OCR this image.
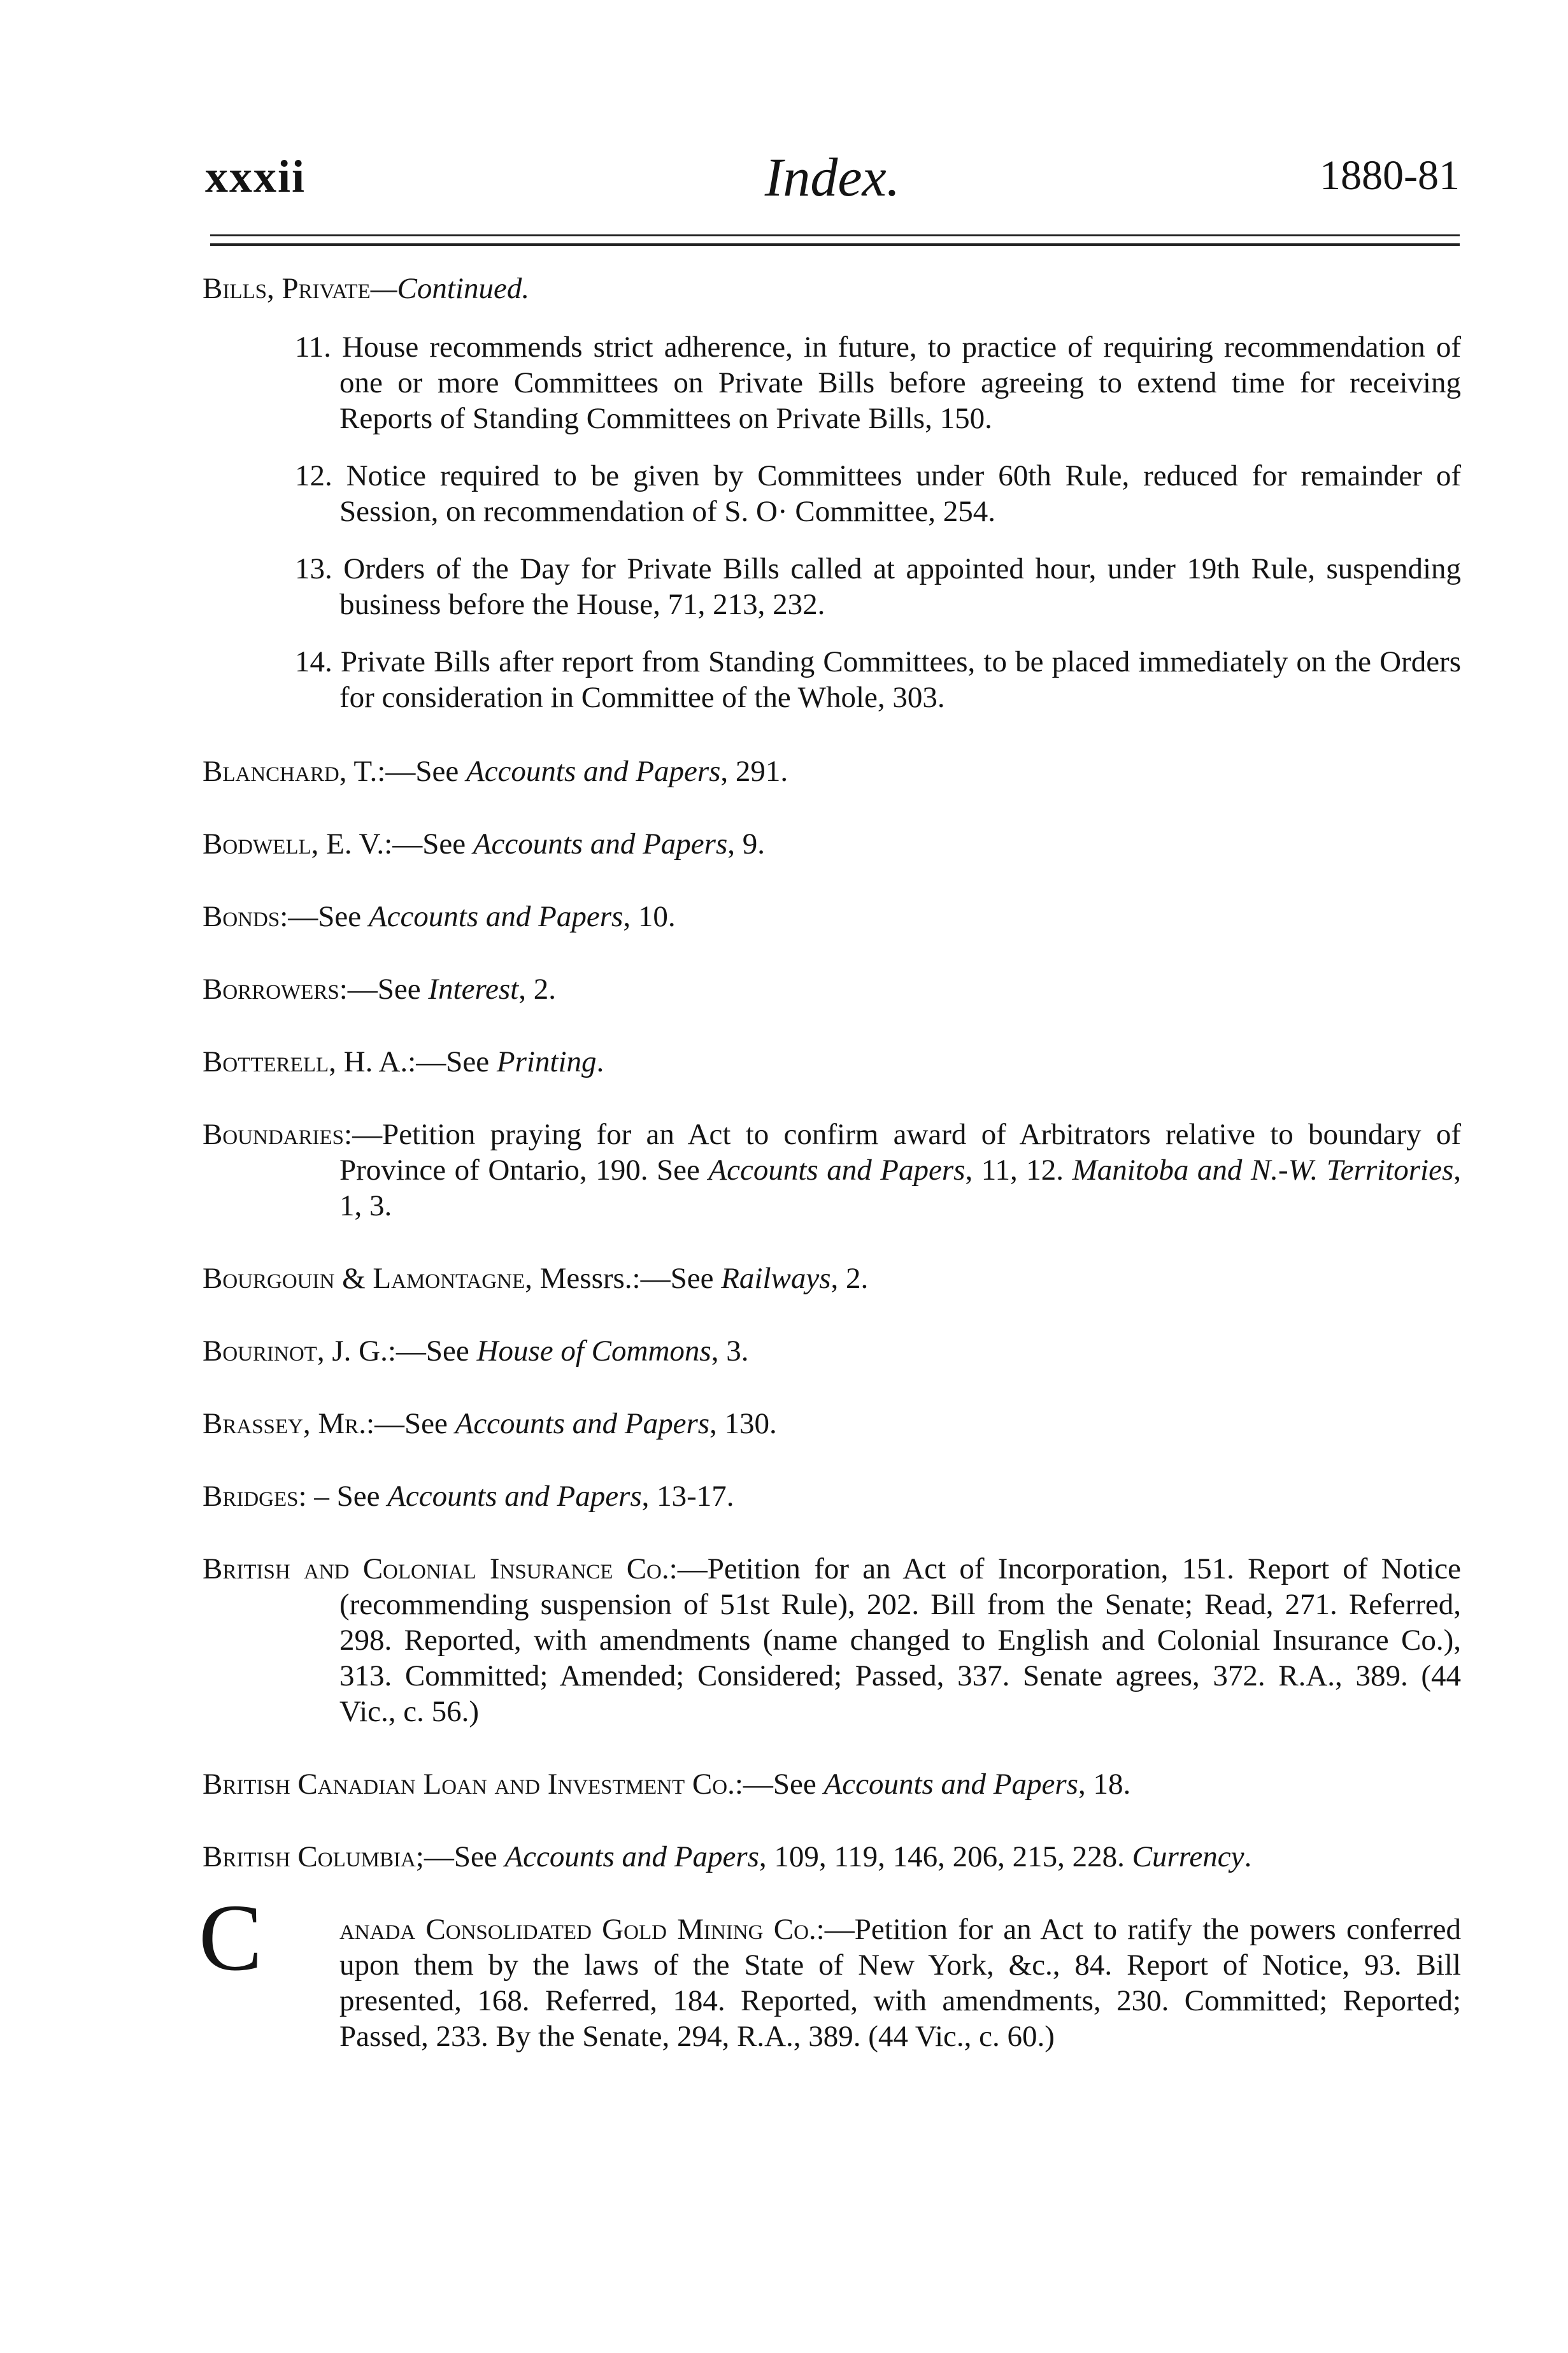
xxxii	Index.	1880-81

Bills, Private—Continued.

11. House recommends strict adherence, in future, to practice of requiring recommendation of one or more Committees on Private Bills before agreeing to extend time for receiving Reports of Standing Committees on Private Bills, 150.

12. Notice required to be given by Committees under 60th Rule, reduced for remainder of Session, on recommendation of S. O· Committee, 254.

13. Orders of the Day for Private Bills called at appointed hour, under 19th Rule, suspending business before the House, 71, 213, 232.

14. Private Bills after report from Standing Committees, to be placed immediately on the Orders for consideration in Committee of the Whole, 303.

Blanchard, T.:—See Accounts and Papers, 291.

Bodwell, E. V.:—See Accounts and Papers, 9.

Bonds:—See Accounts and Papers, 10.

Borrowers:—See Interest, 2.

Botterell, H. A.:—See Printing.

Boundaries:—Petition praying for an Act to confirm award of Arbitrators relative to boundary of Province of Ontario, 190. See Accounts and Papers, 11, 12. Manitoba and N.-W. Territories, 1, 3.

Bourgouin & Lamontagne, Messrs.:—See Railways, 2.

Bourinot, J. G.:—See House of Commons, 3.

Brassey, Mr.:—See Accounts and Papers, 130.

Bridges: – See Accounts and Papers, 13-17.

British and Colonial Insurance Co.:—Petition for an Act of Incorporation, 151. Report of Notice (recommending suspension of 51st Rule), 202. Bill from the Senate; Read, 271. Referred, 298. Reported, with amendments (name changed to English and Colonial Insurance Co.), 313. Committed; Amended; Considered; Passed, 337. Senate agrees, 372. R.A., 389. (44 Vic., c. 56.)

British Canadian Loan and Investment Co.:—See Accounts and Papers, 18.

British Columbia;—See Accounts and Papers, 109, 119, 146, 206, 215, 228. Currency.

C	anada Consolidated Gold Mining Co.:—Petition for an Act to ratify the powers conferred upon them by the laws of the State of New York, &c., 84. Report of Notice, 93. Bill presented, 168. Referred, 184. Reported, with amendments, 230. Committed; Reported; Passed, 233. By the Senate, 294, R.A., 389. (44 Vic., c. 60.)
